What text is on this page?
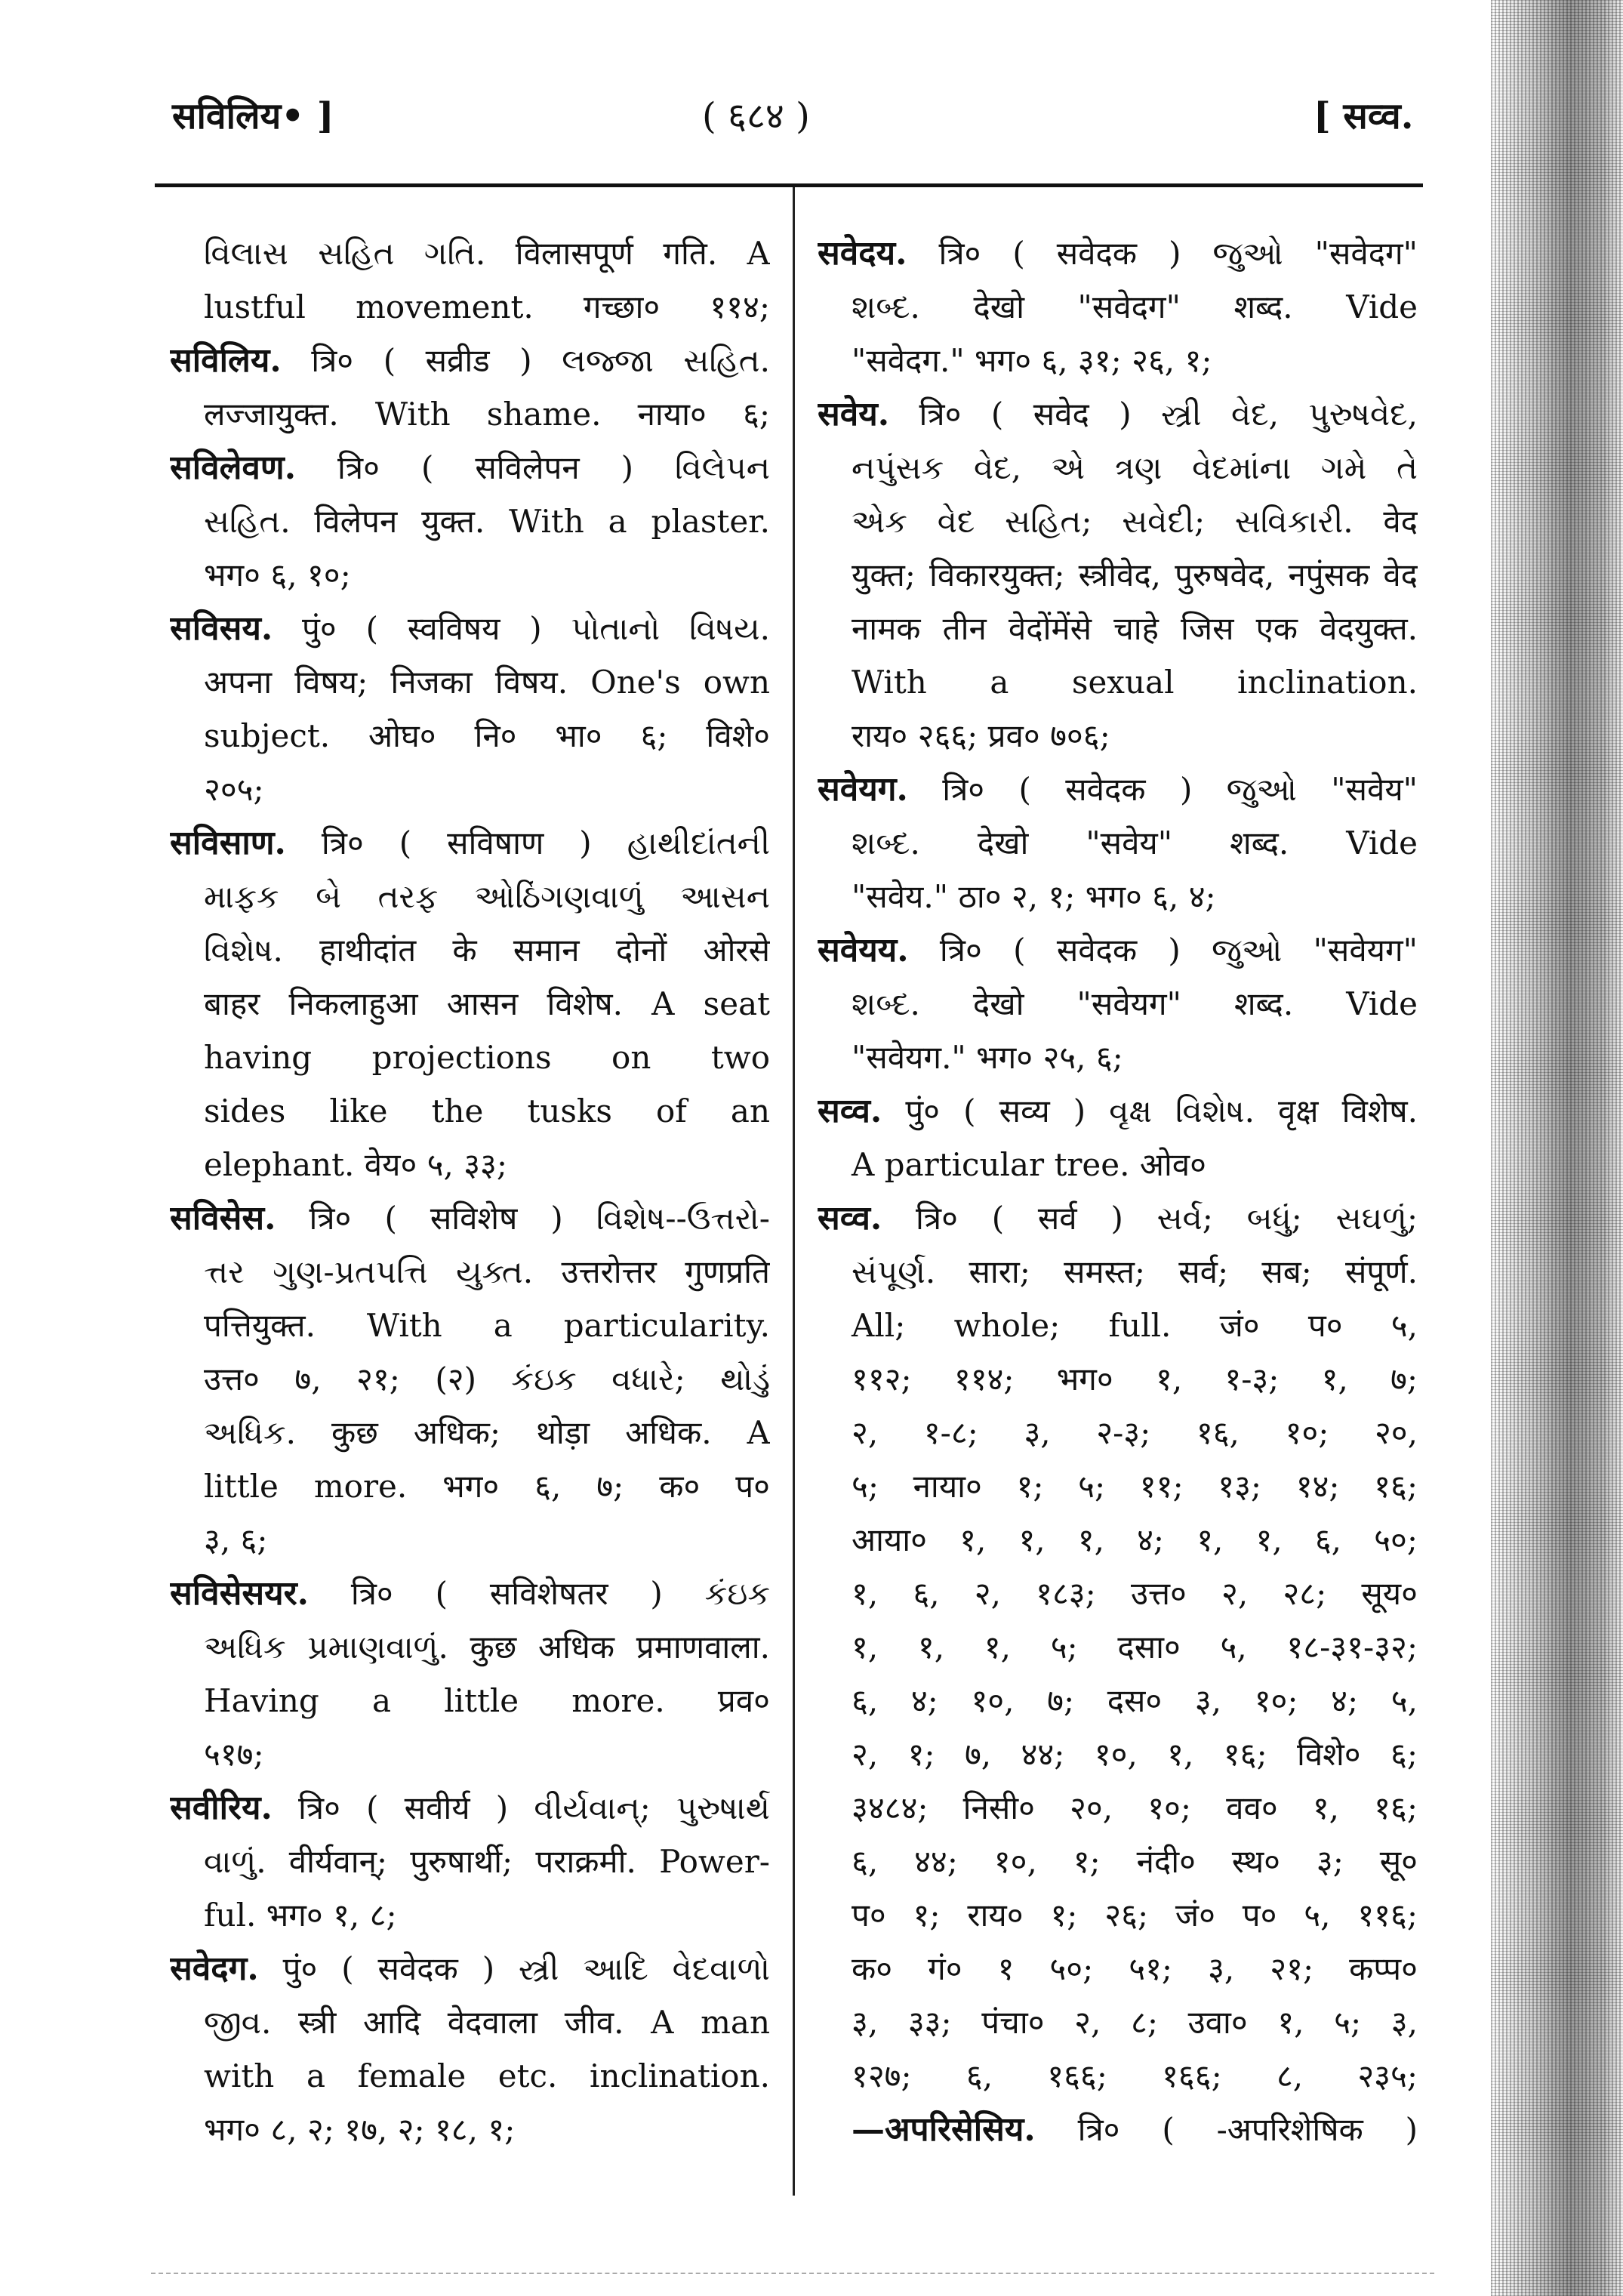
सविलिय• ]	( ६८४ )	[ सव्व.
વિલાસ સહિત ગતિ. विलासपूर्ण गति. A
lustful movement. गच्छा० ११४;
सविलिय. त्रि० ( सव्रीड ) લજ્જા સહિત.
लज्जायुक्त. With shame. नाया० ६;
सविलेवण. त्रि० ( सविलेपन ) વિલેપન
સહિત. विलेपन युक्त. With a plaster.
भग० ६, १०;
सविसय. पुं० ( स्वविषय ) પોતાનો વિષય.
अपना विषय; निजका विषय. One's own
subject. ओघ० नि० भा० ६; विशे०
२०५;
सविसाण. त्रि० ( सविषाण ) હાથીદાંતની
માફક બે તરફ ઓઠિંગણવાળું આસન
વિશેષ. हाथीदांत के समान दोनों ओरसे
बाहर निकलाहुआ आसन विशेष. A seat
having projections on two
sides like the tusks of an
elephant. वेय० ५, ३३;
सविसेस. त्रि० ( सविशेष ) વિશેષ--ઉત્તરો-
ત્તર ગુણ-પ્રતપત્તિ યુક્ત. उत्तरोत्तर गुणप्रति
पत्तियुक्त. With a particularity.
उत्त० ७, २१; (२) કંઇક વધારે; થોડું
અધિક. कुछ अधिक; थोड़ा अधिक. A
little more. भग० ६, ७; क० प०
३, ६;
सविसेसयर. त्रि० ( सविशेषतर ) કંઇક
અધિક પ્રમાણવાળું. कुछ अधिक प्रमाणवाला.
Having a little more. प्रव०
५१७;
सवीरिय. त्रि० ( सवीर्य ) વીર્યવાન્; પુરુષાર્થ
વાળું. वीर्यवान्; पुरुषार्थी; पराक्रमी. Power-
ful. भग० १, ८;
सवेदग. पुं० ( सवेदक ) સ્ત્રી આદિ વેદવાળો
જીવ. स्त्री आदि वेदवाला जीव. A man
with a female etc. inclination.
भग० ८, २; १७, २; १८, १;
सवेदय. त्रि० ( सवेदक ) જુઓ "सवेदग"
શબ્દ. देखो "सवेदग" शब्द. Vide
"सवेदग." भग० ६, ३१; २६, १;
सवेय. त्रि० ( सवेद ) સ્ત્રી વેદ, પુરુષવેદ,
નપુંસક વેદ, એ ત્રણ વેદમાંના ગમે તે
એક વેદ સહિત; સવેદી; સવિકારી. वेद
युक्त; विकारयुक्त; स्त्रीवेद, पुरुषवेद, नपुंसक वेद
नामक तीन वेदोंमेंसे चाहे जिस एक वेदयुक्त.
With a sexual inclination.
राय० २६६; प्रव० ७०६;
सवेयग. त्रि० ( सवेदक ) જુઓ "सवेय"
શબ્દ. देखो "सवेय" शब्द. Vide
"सवेय." ठा० २, १; भग० ६, ४;
सवेयय. त्रि० ( सवेदक ) જુઓ "सवेयग"
શબ્દ. देखो "सवेयग" शब्द. Vide
"सवेयग." भग० २५, ६;
सव्व. पुं० ( सव्य ) વૃક્ષ વિશેષ. वृक्ष विशेष.
A particular tree. ओव०
सव्व. त्रि० ( सर्व ) સર્વ; બધું; સઘળું;
સંપૂર્ણ. सारा; समस्त; सर्व; सब; संपूर्ण.
All; whole; full. जं० प० ५,
११२; ११४; भग० १, १-३; १, ७;
२, १-८; ३, २-३; १६, १०; २०,
५; नाया० १; ५; ११; १३; १४; १६;
आया० १, १, १, ४; १, १, ६, ५०;
१, ६, २, १८३; उत्त० २, २८; सूय०
१, १, १, ५; दसा० ५, १८-३१-३२;
६, ४; १०, ७; दस० ३, १०; ४; ५,
२, १; ७, ४४; १०, १, १६; विशे० ६;
३४८४; निसी० २०, १०; वव० १, १६;
६, ४४; १०, १; नंदी० स्थ० ३; सू०
प० १; राय० १; २६; जं० प० ५, ११६;
क० गं० १ ५०; ५१; ३, २१; कप्प०
३, ३३; पंचा० २, ८; उवा० १, ५; ३,
१२७; ६, १६६; १६६; ८, २३५;
—अपरिसेसिय. त्रि० ( -अपरिशेषिक )
